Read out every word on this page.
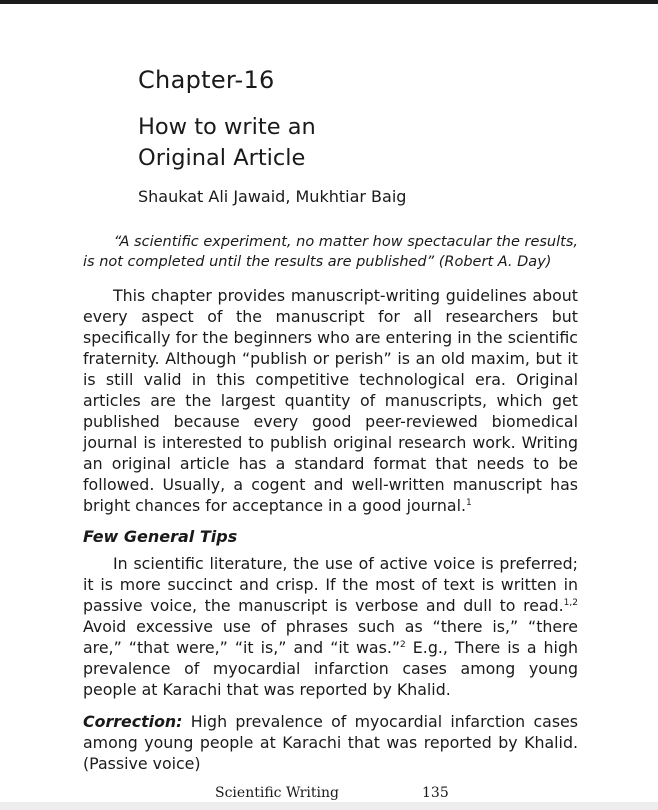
Chapter-16
How to write an
Original Article
Shaukat Ali Jawaid, Mukhtiar Baig
“A scientific experiment, no matter how spectacular the results,
is not completed until the results are published” (Robert A. Day)
This chapter provides manuscript-writing guidelines about every aspect of the manuscript for all researchers but specifically for the beginners who are entering in the scientific fraternity. Although “publish or perish” is an old maxim, but it is still valid in this competitive technological era. Original articles are the largest quantity of manuscripts, which get published because every good peer-reviewed biomedical journal is interested to publish original research work. Writing an original article has a standard format that needs to be followed. Usually, a cogent and well-written manuscript has bright chances for acceptance in a good journal.$^1$
Few General Tips
In scientific literature, the use of active voice is preferred; it is more succinct and crisp. If the most of text is written in passive voice, the manuscript is verbose and dull to read.$^{1,2}$ Avoid excessive use of phrases such as “there is,” “there are,” “that were,” “it is,” and “it was.”$^2$ E.g., There is a high prevalence of myocardial infarction cases among young people at Karachi that was reported by Khalid.
Correction: High prevalence of myocardial infarction cases among young people at Karachi that was reported by Khalid. (Passive voice)
Scientific Writing	135
